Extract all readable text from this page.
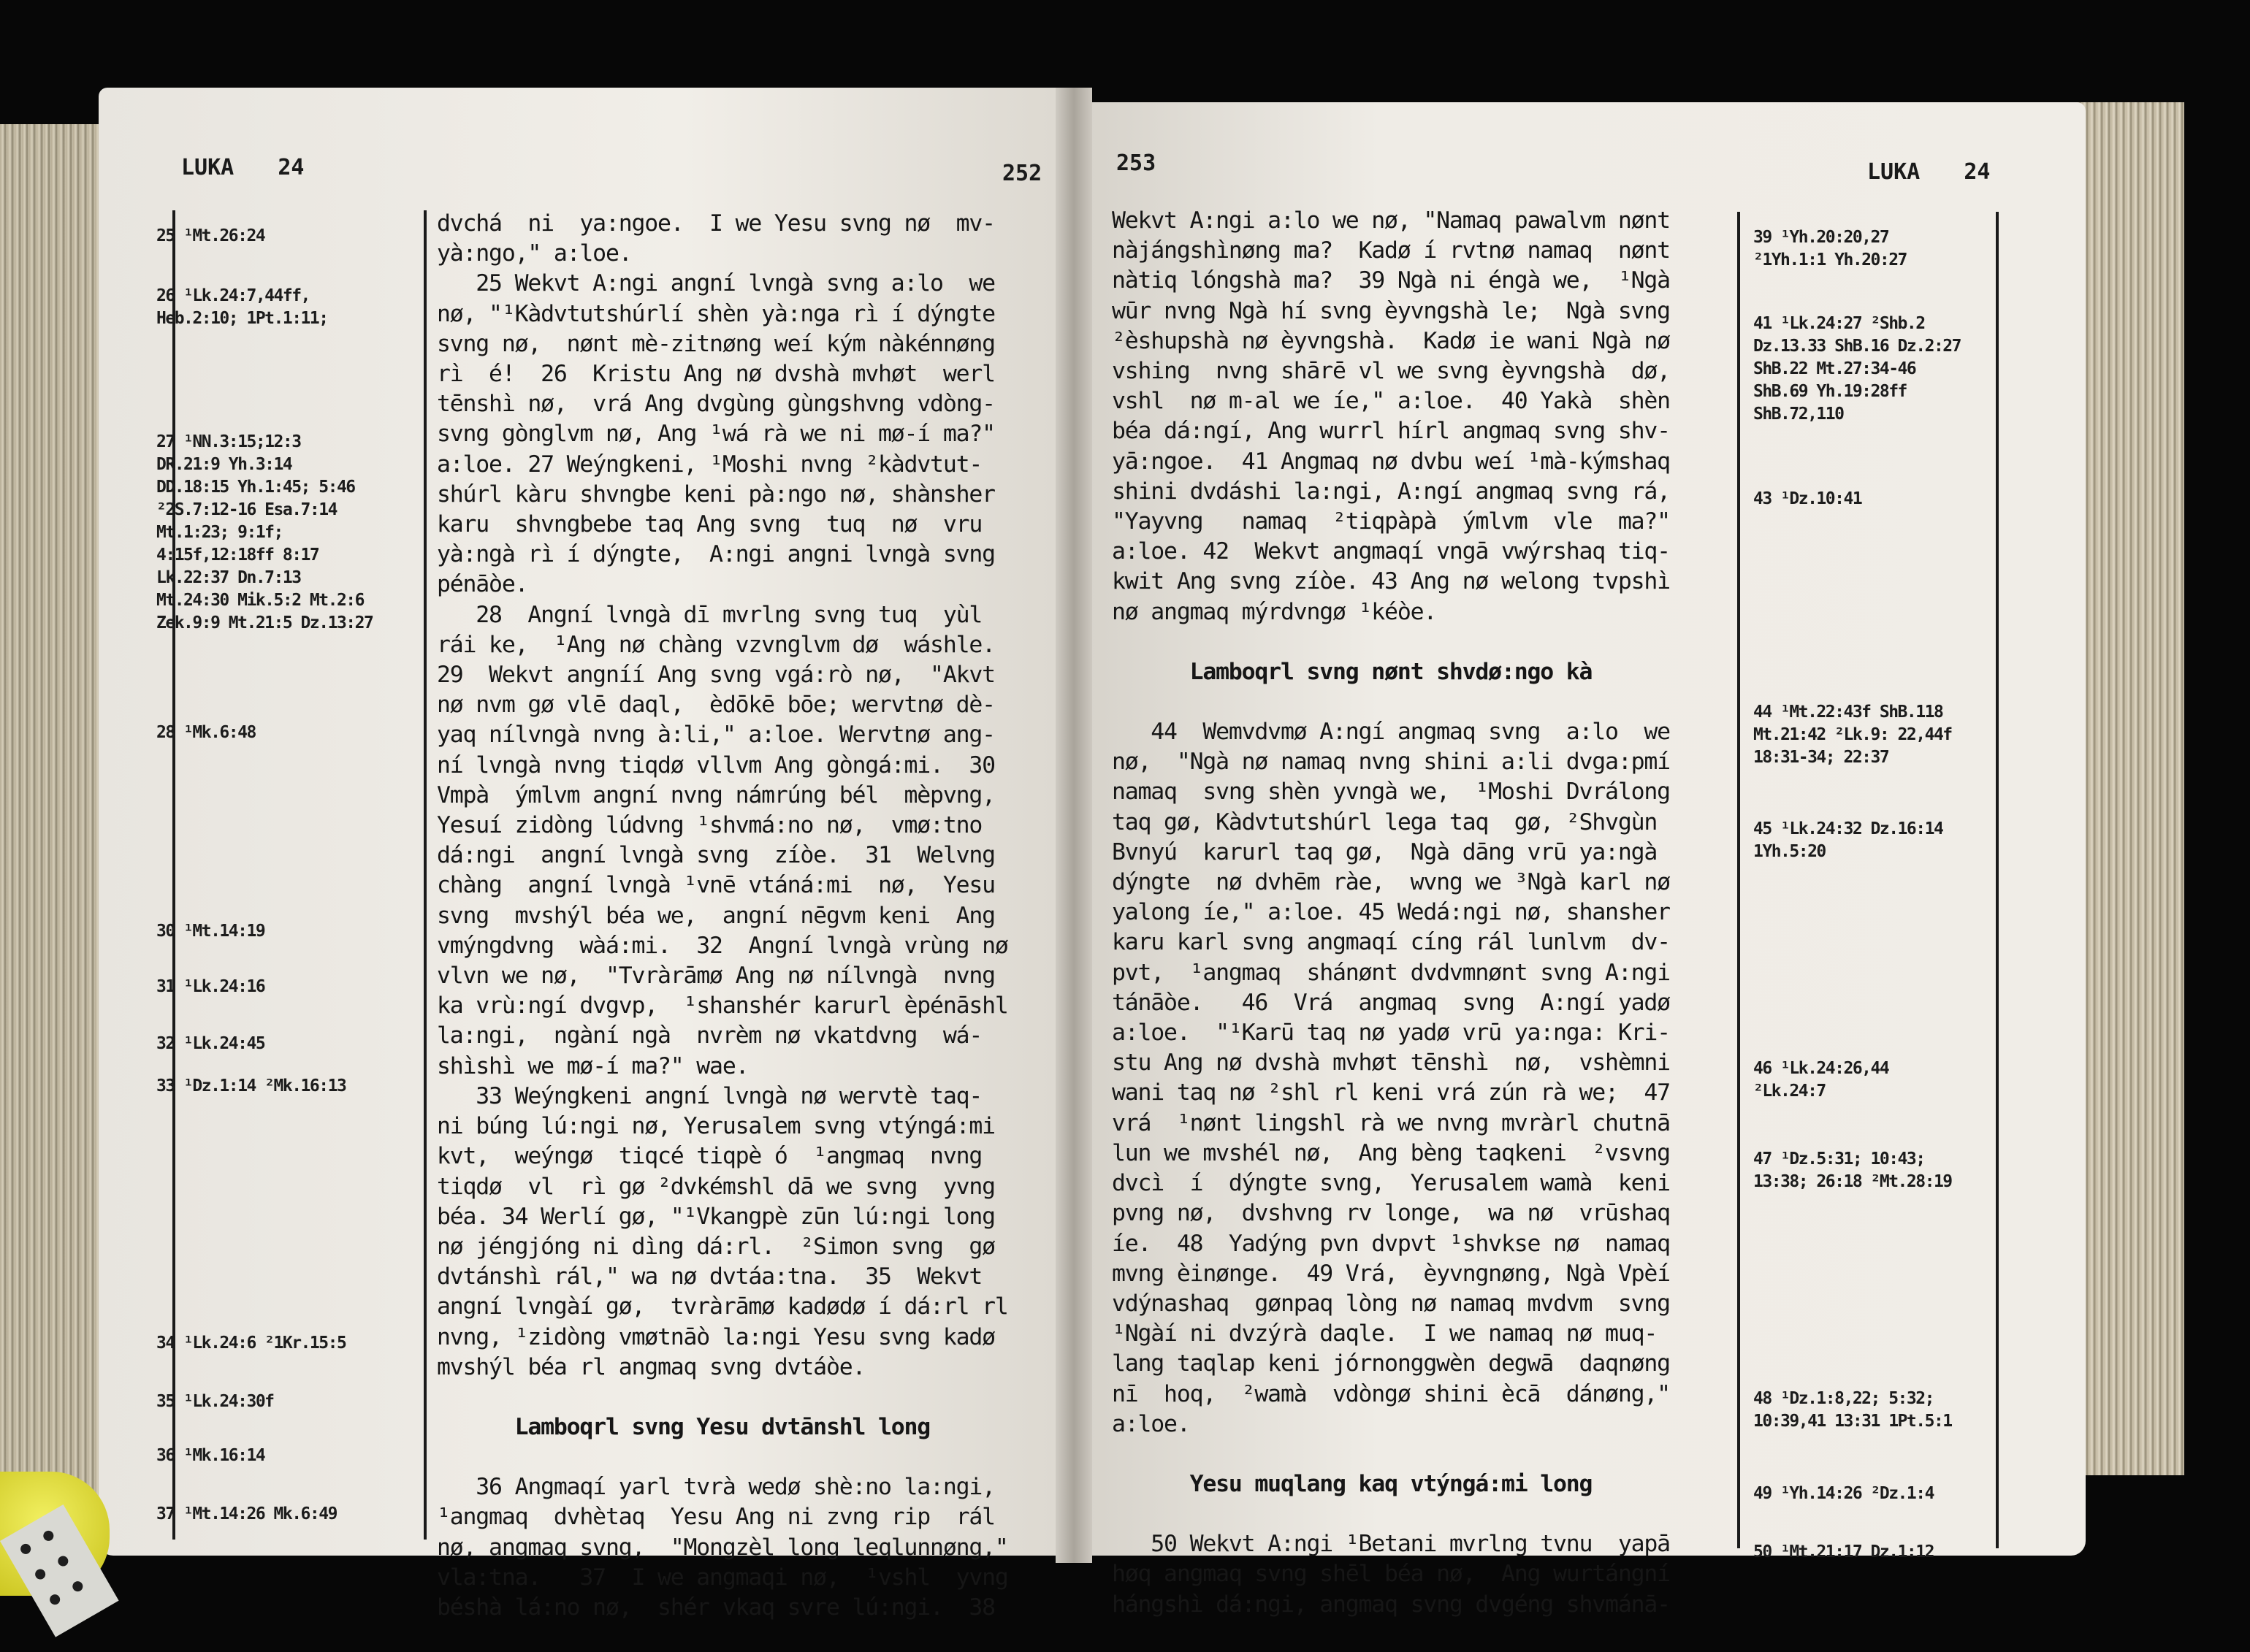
LUKA 24	252
25 ¹Mt.26:24
26 ¹Lk.24:7,44ff,
Heb.2:10; 1Pt.1:11;
27 ¹NN.3:15;12:3
DR.21:9 Yh.3:14
DD.18:15 Yh.1:45; 5:46
²2S.7:12-16 Esa.7:14
Mt.1:23; 9:1f;
4:15f,12:18ff 8:17
Lk.22:37 Dn.7:13
Mt.24:30 Mik.5:2 Mt.2:6
Zek.9:9 Mt.21:5 Dz.13:27
28 ¹Mk.6:48
30 ¹Mt.14:19
31 ¹Lk.24:16
32 ¹Lk.24:45
33 ¹Dz.1:14 ²Mk.16:13
34 ¹Lk.24:6 ²1Kr.15:5
35 ¹Lk.24:30f
36 ¹Mk.16:14
37 ¹Mt.14:26 Mk.6:49

dvchá  ni  ya:ngoe.  I we Yesu svng nø  mv-

yà:ngo," a:loe.

25 Wekvt A:ngi angní lvngà svng a:lo  we

nø, "¹Kàdvtutshúrlí shèn yà:nga rì í dýngte

svng nø,  nønt mè-zitnøng weí kým nàkénnøng

rì  é!  26  Kristu Ang nø dvshà mvhøt  werl

tēnshì nø,  vrá Ang dvgùng gùngshvng vdòng-

svng gònglvm nø, Ang ¹wá rà we ni mø-í ma?"

a:loe. 27 Weýngkeni, ¹Moshi nvng ²kàdvtut-

shúrl kàru shvngbe keni pà:ngo nø, shànsher

karu  shvngbebe taq Ang svng  tuq  nø  vru

yà:ngà rì í dýngte,  A:ngi angni lvngà svng

pénāòe.

28  Angní lvngà dī mvrlng svng tuq  yùl

rái ke,  ¹Ang nø chàng vzvnglvm dø  wáshle.

29  Wekvt angníí Ang svng vgá:rò nø,  "Akvt

nø nvm gø vlē daql,  èdōkē bōe; wervtnø dè-

yaq nílvngà nvng à:li," a:loe. Wervtnø ang-

ní lvngà nvng tiqdø vllvm Ang gòngá:mi.  30

Vmpà  ýmlvm angní nvng námrúng bél  mèpvng,

Yesuí zidòng lúdvng ¹shvmá:no nø,  vmø:tno

dá:ngi  angní lvngà svng  zíòe.  31  Welvng

chàng  angní lvngà ¹vnē vtáná:mi  nø,  Yesu

svng  mvshýl béa we,  angní nēgvm keni  Ang

vmýngdvng  wàá:mi.  32  Angní lvngà vrùng nø

vlvn we nø,  "Tvràrāmø Ang nø nílvngà  nvng

ka vrù:ngí dvgvp,  ¹shanshér karurl èpénāshl

la:ngi,  ngàní ngà  nvrèm nø vkatdvng  wá-

shìshì we mø-í ma?" wae.

33 Weýngkeni angní lvngà nø wervtè taq-

ni búng lú:ngi nø, Yerusalem svng vtýngá:mi

kvt,  weýngø  tiqcé tiqpè ó  ¹angmaq  nvng

tiqdø  vl  rì gø ²dvkémshl dā we svng  yvng

béa. 34 Werlí gø, "¹Vkangpè zūn lú:ngi long

nø jéngjóng ni dìng dá:rl.  ²Simon svng  gø

dvtánshì rál," wa nø dvtáa:tna.  35  Wekvt

angní lvngàí gø,  tvràrāmø kadødø í dá:rl rl

nvng, ¹zidòng vmøtnāò la:ngi Yesu svng kadø

mvshýl béa rl angmaq svng dvtáòe.

Lamboqrl svng Yesu dvtānshl long

36 Angmaqí yarl tvrà wedø shè:no la:ngi,

¹angmaq  dvhètaq  Yesu Ang ni zvng rip  rál

nø, angmaq svng,  "Mongzèl long leqlunnøng,"

vla:tna.   37  I we angmaqi nø,  ¹vshl  yvng

béshà lá:no nø,  shér vkaq svre lú:ngi.  38

253	LUKA 24

Wekvt A:ngi a:lo we nø, "Namaq pawalvm nønt

nàjángshìnøng ma?  Kadø í rvtnø namaq  nønt

nàtiq lóngshà ma?  39 Ngà ni éngà we,  ¹Ngà

wūr nvng Ngà hí svng èyvngshà le;  Ngà svng

²èshupshà nø èyvngshà.  Kadø ie wani Ngà nø

vshing  nvng shārē vl we svng èyvngshà  dø,

vshl  nø m-al we íe," a:loe.  40 Yakà  shèn

béa dá:ngí, Ang wurrl hírl angmaq svng shv-

yā:ngoe.  41 Angmaq nø dvbu weí ¹mà-kýmshaq

shini dvdáshi la:ngi, A:ngí angmaq svng rá,

"Yayvng   namaq  ²tiqpàpà  ýmlvm  vle  ma?"

a:loe. 42  Wekvt angmaqí vngā vwýrshaq tiq-

kwit Ang svng zíòe. 43 Ang nø welong tvpshì

nø angmaq mýrdvngø ¹kéòe.

Lamboqrl svng nønt shvdø:ngo kà

44  Wemvdvmø A:ngí angmaq svng  a:lo  we

nø,  "Ngà nø namaq nvng shini a:li dvga:pmí

namaq  svng shèn yvngà we,  ¹Moshi Dvrálong

taq gø, Kàdvtutshúrl lega taq  gø, ²Shvgùn

Bvnyú  karurl taq gø,  Ngà dāng vrū ya:ngà

dýngte  nø dvhēm ràe,  wvng we ³Ngà karl nø

yalong íe," a:loe. 45 Wedá:ngi nø, shansher

karu karl svng angmaqí cíng rál lunlvm  dv-

pvt,  ¹angmaq  shánønt dvdvmnønt svng A:ngi

tánāòe.   46  Vrá  angmaq  svng  A:ngí yadø

a:loe.  "¹Karū taq nø yadø vrū ya:nga: Kri-

stu Ang nø dvshà mvhøt tēnshì  nø,  vshèmni

wani taq nø ²shl rl keni vrá zún rà we;  47

vrá  ¹nønt lingshl rà we nvng mvràrl chutnā

lun we mvshél nø,  Ang bèng taqkeni  ²vsvng

dvcì  í  dýngte svng,  Yerusalem wamà  keni

pvng nø,  dvshvng rv longe,  wa nø  vrūshaq

íe.  48  Yadýng pvn dvpvt ¹shvkse nø  namaq

mvng èinønge.  49 Vrá,  èyvngnøng, Ngà Vpèí

vdýnashaq  gønpaq lòng nø namaq mvdvm  svng

¹Ngàí ni dvzýrà daqle.  I we namaq nø muq-

lang taqlap keni jórnonggwèn degwā  daqnøng

nī  hoq,  ²wamà  vdòngø shini ècā  dánøng,"

a:loe.

Yesu muqlang kaq vtýngá:mi long

50 Wekvt A:ngi ¹Betani mvrlng tvnu  yapā

høq angmaq svng shēl béa nø,  Ang wurtángní

hángshì dá:ngi, angmaq svng dvgéng shvmánā-

39 ¹Yh.20:20,27
²1Yh.1:1 Yh.20:27
41 ¹Lk.24:27 ²Shb.2
Dz.13.33 ShB.16 Dz.2:27
ShB.22 Mt.27:34-46
ShB.69 Yh.19:28ff
ShB.72,110
43 ¹Dz.10:41
44 ¹Mt.22:43f ShB.118
Mt.21:42 ²Lk.9: 22,44f
18:31-34; 22:37
45 ¹Lk.24:32 Dz.16:14
1Yh.5:20
46 ¹Lk.24:26,44
²Lk.24:7
47 ¹Dz.5:31; 10:43;
13:38; 26:18 ²Mt.28:19
48 ¹Dz.1:8,22; 5:32;
10:39,41 13:31 1Pt.5:1
49 ¹Yh.14:26 ²Dz.1:4
50 ¹Mt.21:17 Dz.1:12
